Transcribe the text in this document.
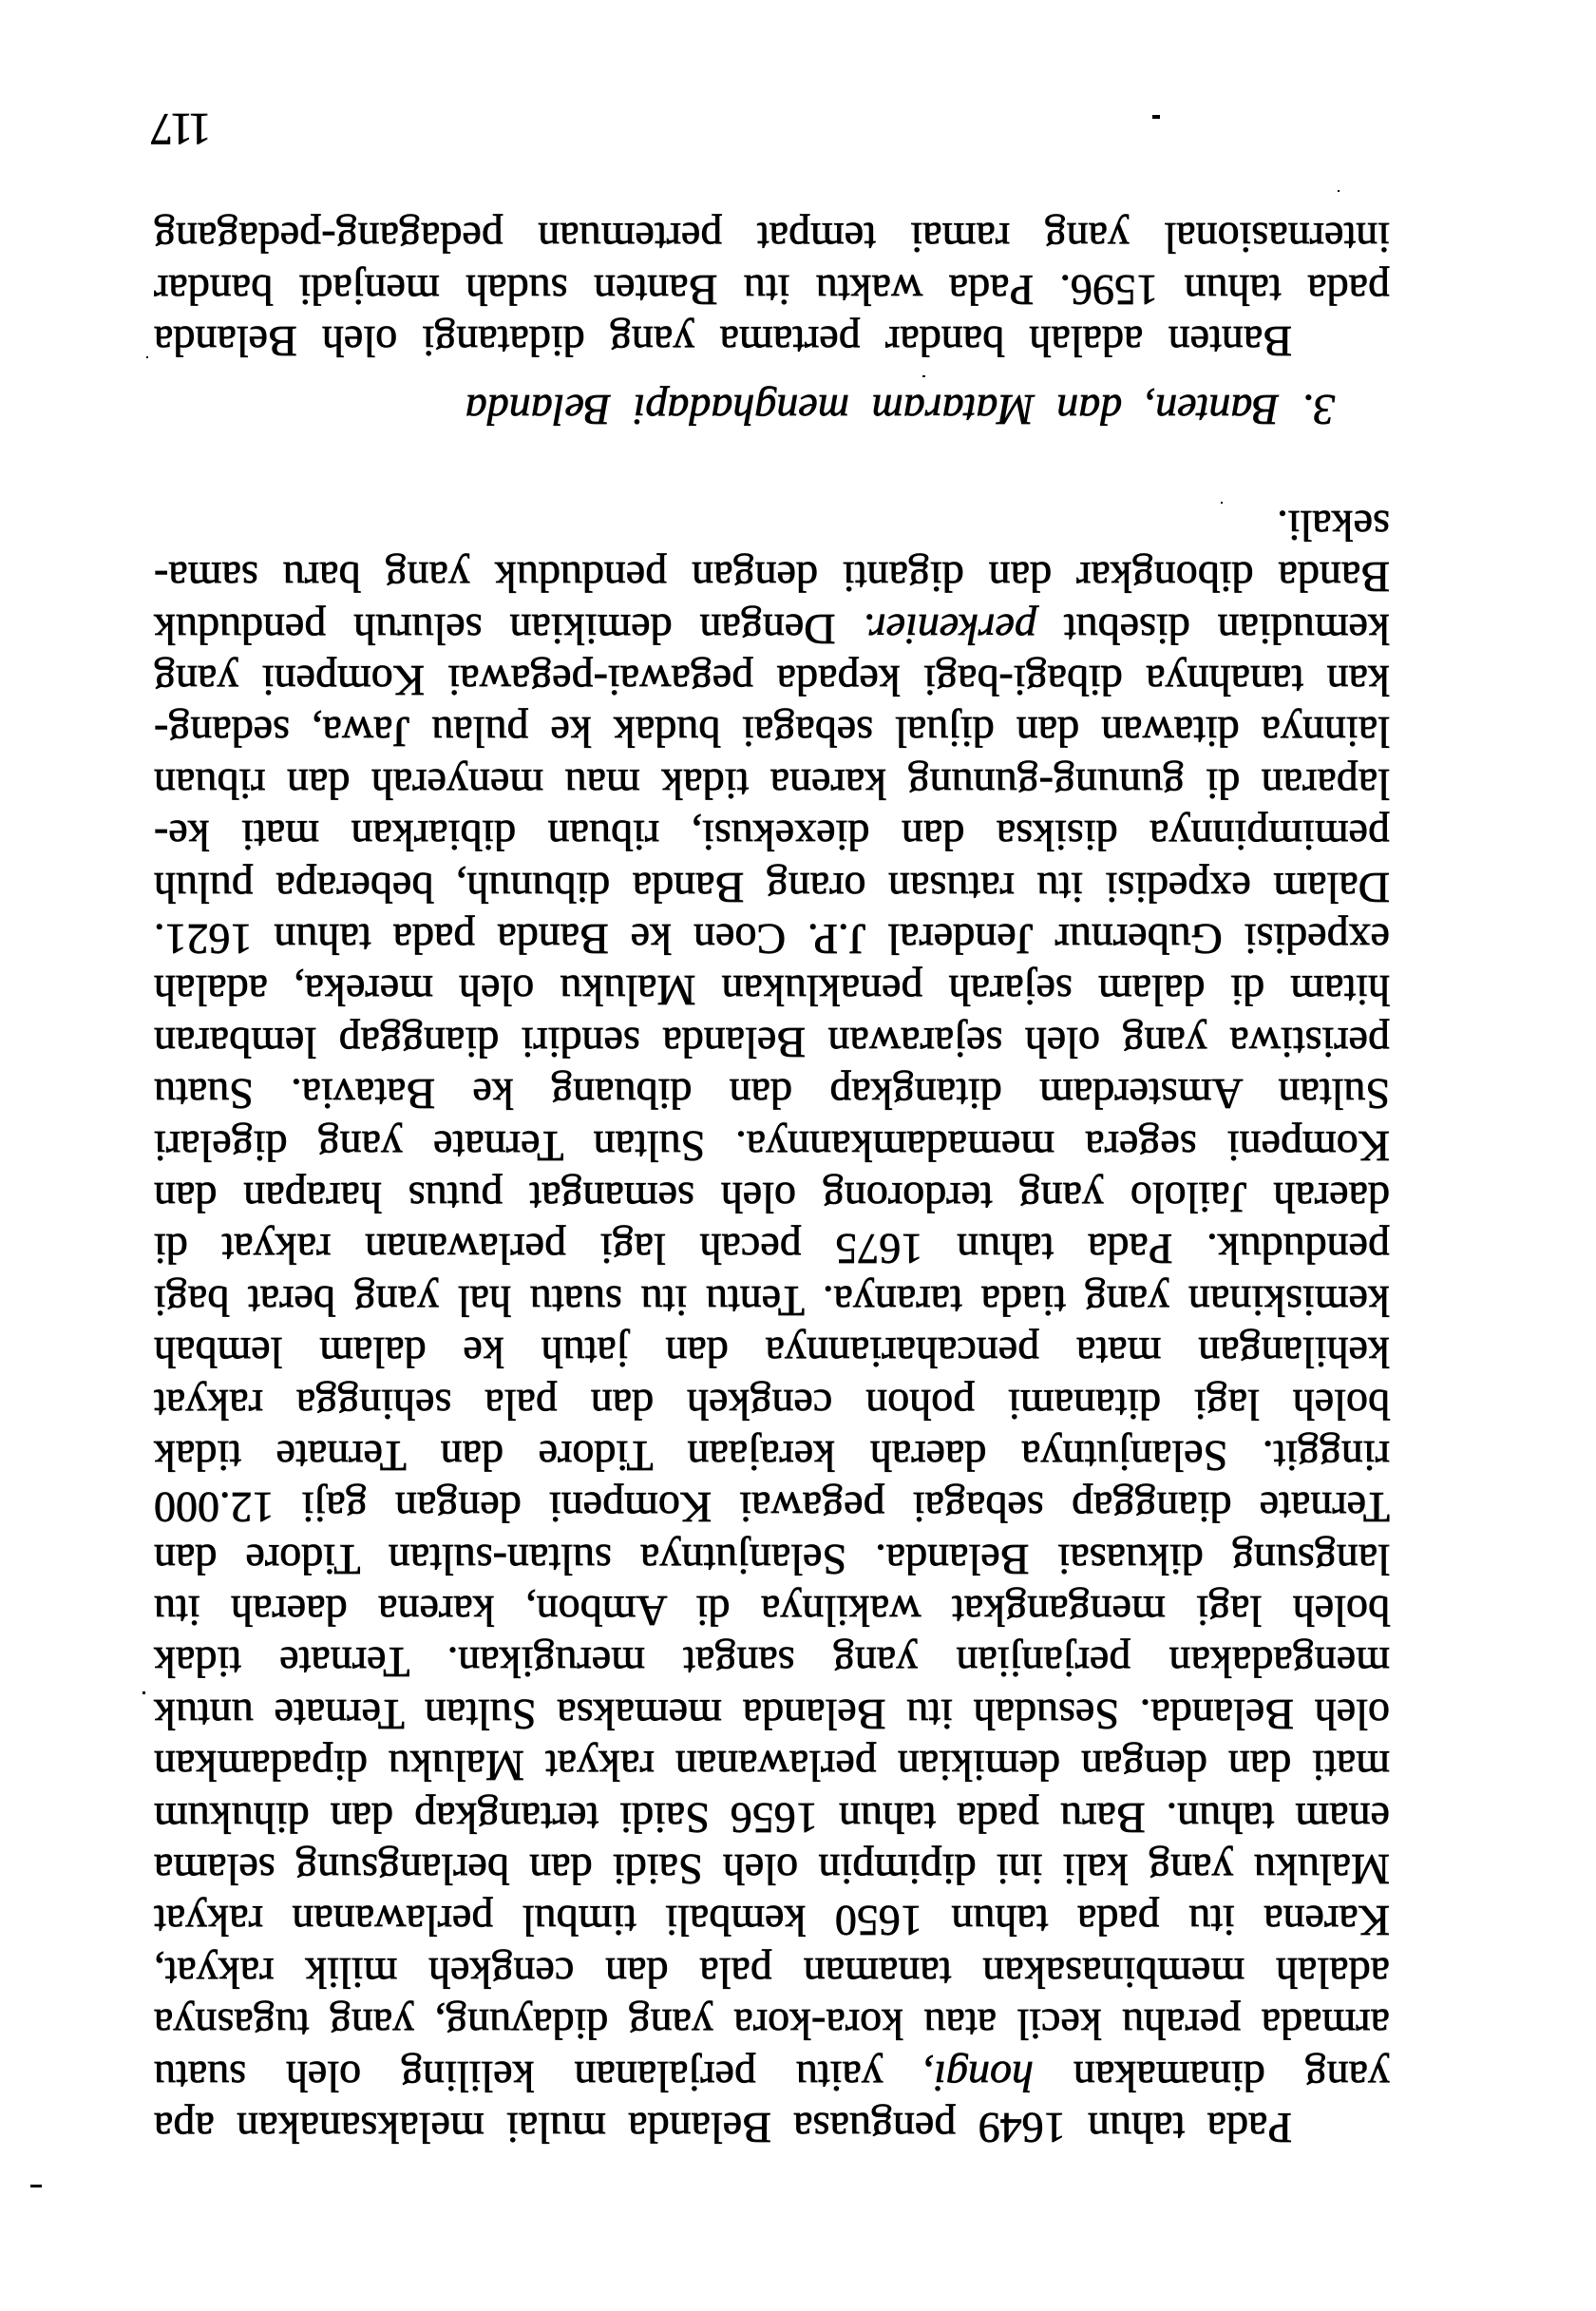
Pada tahun 1649 penguasa Belanda mulai melaksanakan apa
yang dinamakan hongi, yaitu perjalanan keliling oleh suatu
armada perahu kecil atau kora-kora yang didayung, yang tugasnya
adalah membinasakan tanaman pala dan cengkeh milik rakyat,
Karena itu pada tahun 1650 kembali timbul perlawanan rakyat
Maluku yang kali ini dipimpin oleh Saidi dan berlangsung selama
enam tahun. Baru pada tahun 1656 Saidi tertangkap dan dihukum
mati dan dengan demikian perlawanan rakyat Maluku dipadamkan
oleh Belanda. Sesudah itu Belanda memaksa Sultan Ternate untuk
mengadakan perjanjian yang sangat merugikan. Ternate tidak
boleh lagi mengangkat wakilnya di Ambon, karena daerah itu
langsung dikuasai Belanda. Selanjutnya sultan-sultan Tidore dan
Ternate dianggap sebagai pegawai Kompeni dengan gaji 12.000
ringgit. Selanjutnya daerah kerajaan Tidore dan Ternate tidak
boleh lagi ditanami pohon cengkeh dan pala sehingga rakyat
kehilangan mata pencahariannya dan jatuh ke dalam lembah
kemiskinan yang tiada taranya. Tentu itu suatu hal yang berat bagi
penduduk. Pada tahun 1675 pecah lagi perlawanan rakyat di
daerah Jailolo yang terdorong oleh semangat putus harapan dan
Kompeni segera memadamkannya. Sultan Ternate yang digelari
Sultan Amsterdam ditangkap dan dibuang ke Batavia. Suatu
peristiwa yang oleh sejarawan Belanda sendiri dianggap lembaran
hitam di dalam sejarah penaklukan Maluku oleh mereka, adalah
expedisi Gubernur Jenderal J.P. Coen ke Banda pada tahun 1621.
Dalam expedisi itu ratusan orang Banda dibunuh, beberapa puluh
pemimpinnya disiksa dan diexekusi, ribuan dibiarkan mati ke-
laparan di gunung-gunung karena tidak mau menyerah dan ribuan
lainnya ditawan dan dijual sebagai budak ke pulau Jawa, sedang-
kan tanahnya dibagi-bagi kepada pegawai-pegawai Kompeni yang
kemudian disebut perkenier. Dengan demikian seluruh penduduk
Banda dibongkar dan diganti dengan penduduk yang baru sama-
sekali.
3.Banten, dan Mataram menghadapi Belanda
Banten adalah bandar pertama yang didatangi oleh Belanda
pada tahun 1596. Pada waktu itu Banten sudah menjadi bandar
internasional yang ramai tempat pertemuan pedagang-pedagang
117
